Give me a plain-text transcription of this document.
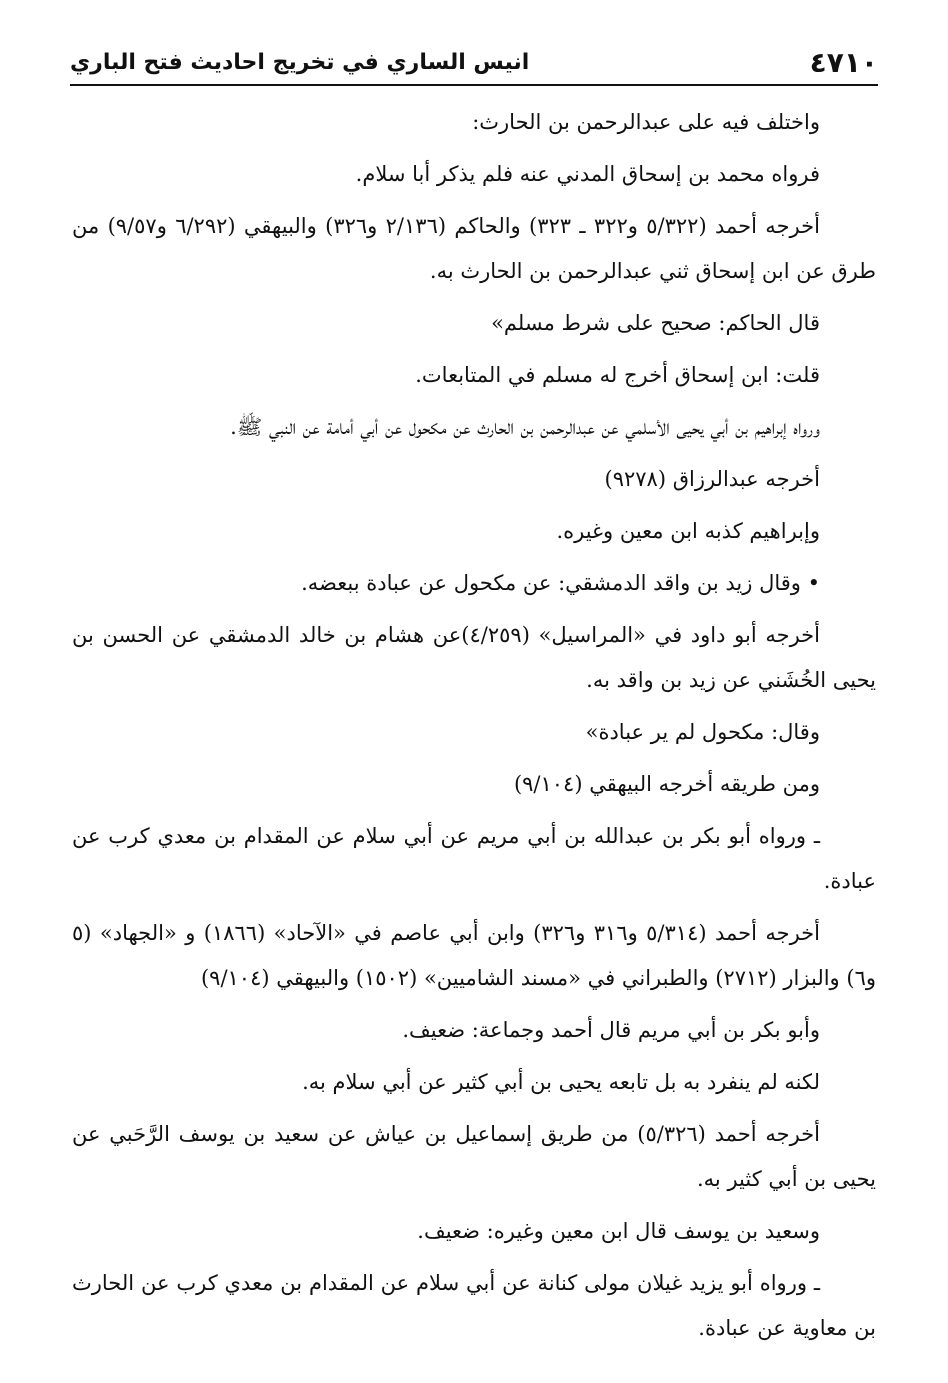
٤٧١٠
انيس الساري في تخريج احاديث فتح الباري

واختلف فيه على عبدالرحمن بن الحارث:

فرواه محمد بن إسحاق المدني عنه فلم يذكر أبا سلام.

أخرجه أحمد (٥/٣٢٢ و٣٢٢ ـ ٣٢٣) والحاكم (٢/١٣٦ و٣٢٦) والبيهقي (٦/٢٩٢ و٩/٥٧) من طرق عن ابن إسحاق ثني عبدالرحمن بن الحارث به.

قال الحاكم: صحيح على شرط مسلم»

قلت: ابن إسحاق أخرج له مسلم في المتابعات.

ورواه إبراهيم بن أبي يحيى الأسلمي عن عبدالرحمن بن الحارث عن مكحول عن أبي أمامة عن النبي ﷺ.

أخرجه عبدالرزاق (٩٢٧٨)

وإبراهيم كذبه ابن معين وغيره.

• وقال زيد بن واقد الدمشقي: عن مكحول عن عبادة ببعضه.

أخرجه أبو داود في «المراسيل» (٤/٢٥٩)عن هشام بن خالد الدمشقي عن الحسن بن يحيى الخُشَني عن زيد بن واقد به.

وقال: مكحول لم ير عبادة»

ومن طريقه أخرجه البيهقي (٩/١٠٤)

ـ ورواه أبو بكر بن عبدالله بن أبي مريم عن أبي سلام عن المقدام بن معدي كرب عن عبادة.

أخرجه أحمد (٥/٣١٤ و٣١٦ و٣٢٦) وابن أبي عاصم في «الآحاد» (١٨٦٦) و «الجهاد» (٥ و٦) والبزار (٢٧١٢) والطبراني في «مسند الشاميين» (١٥٠٢) والبيهقي (٩/١٠٤)

وأبو بكر بن أبي مريم قال أحمد وجماعة: ضعيف.

لكنه لم ينفرد به بل تابعه يحيى بن أبي كثير عن أبي سلام به.

أخرجه أحمد (٥/٣٢٦) من طريق إسماعيل بن عياش عن سعيد بن يوسف الرَّحَبي عن يحيى بن أبي كثير به.

وسعيد بن يوسف قال ابن معين وغيره: ضعيف.

ـ ورواه أبو يزيد غيلان مولى كنانة عن أبي سلام عن المقدام بن معدي كرب عن الحارث بن معاوية عن عبادة.
